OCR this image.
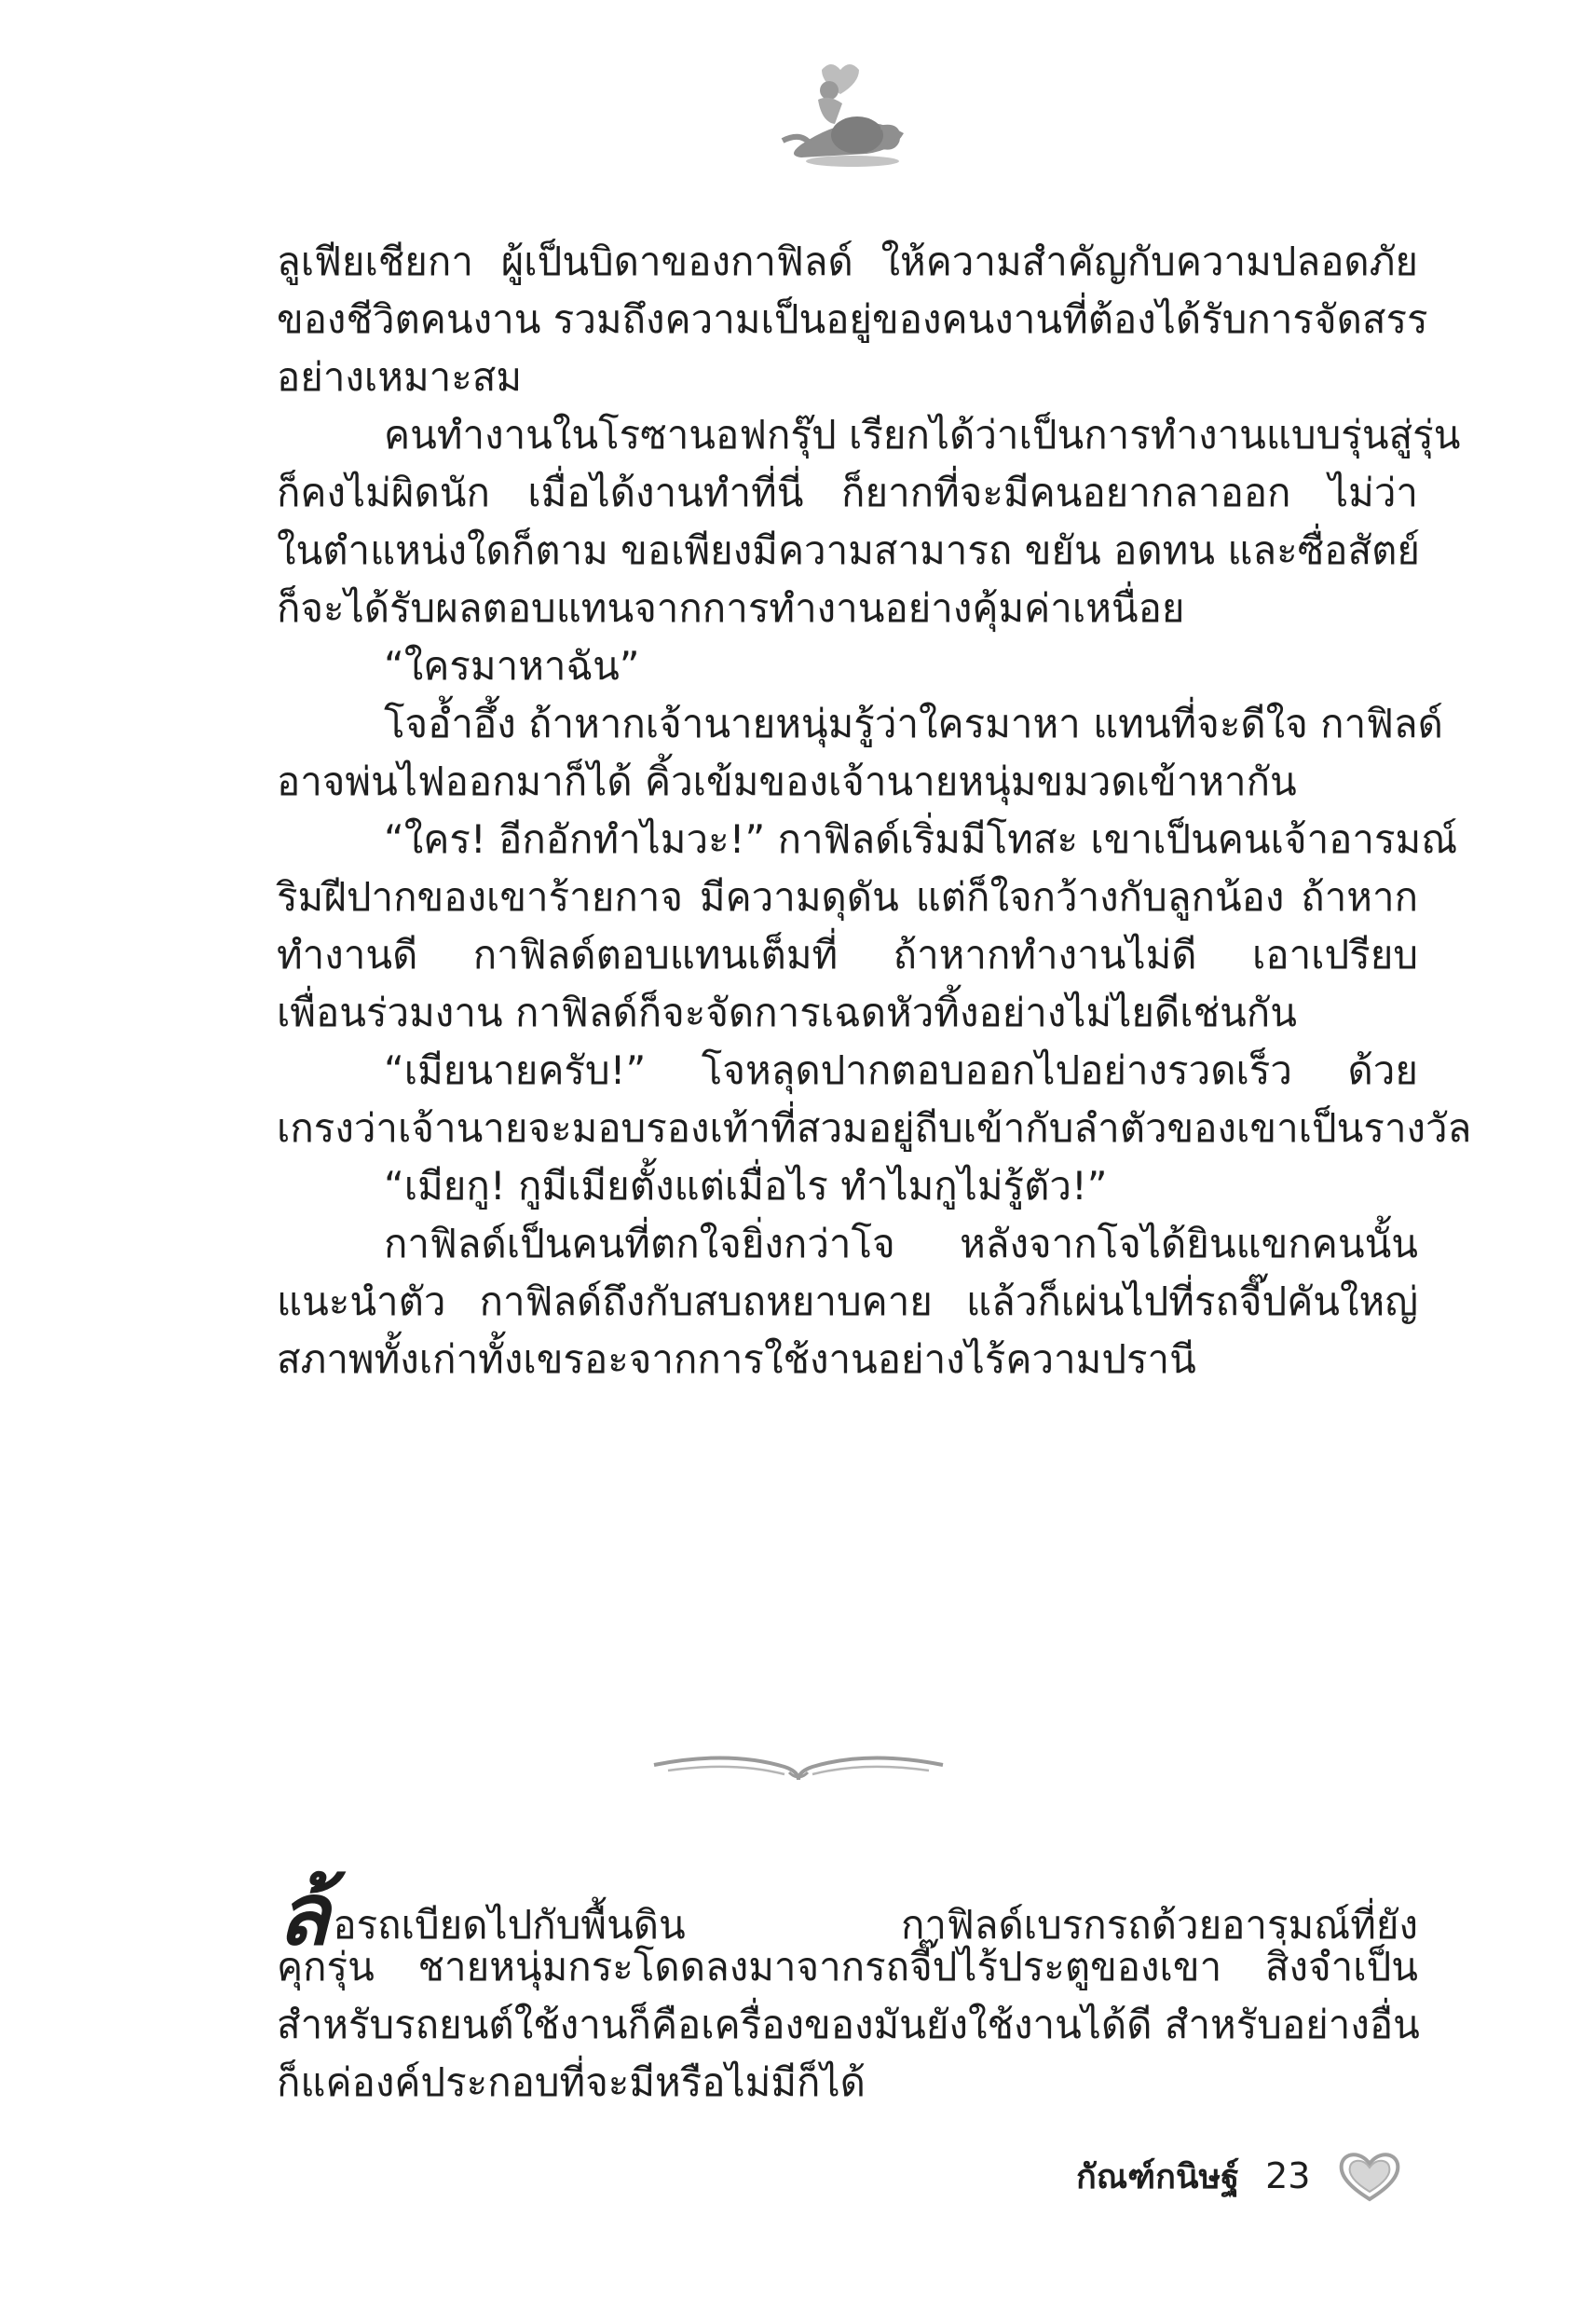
ลูเฟียเชียกา ผู้เป็นบิดาของกาฟิลด์ ให้ความสำคัญกับความปลอดภัย
ของชีวิตคนงาน รวมถึงความเป็นอยู่ของคนงานที่ต้องได้รับการจัดสรร
อย่างเหมาะสม
คนทำงานในโรซานอฟกรุ๊ป เรียกได้ว่าเป็นการทำงานแบบรุ่นสู่รุ่น
ก็คงไม่ผิดนัก เมื่อได้งานทำที่นี่ ก็ยากที่จะมีคนอยากลาออก ไม่ว่า
ในตำแหน่งใดก็ตาม ขอเพียงมีความสามารถ ขยัน อดทน และซื่อสัตย์
ก็จะได้รับผลตอบแทนจากการทำงานอย่างคุ้มค่าเหนื่อย
“ใครมาหาฉัน”
โจอ้ำอึ้ง ถ้าหากเจ้านายหนุ่มรู้ว่าใครมาหา แทนที่จะดีใจ กาฟิลด์
อาจพ่นไฟออกมาก็ได้ คิ้วเข้มของเจ้านายหนุ่มขมวดเข้าหากัน
“ใคร! อีกอักทำไมวะ!” กาฟิลด์เริ่มมีโทสะ เขาเป็นคนเจ้าอารมณ์
ริมฝีปากของเขาร้ายกาจ มีความดุดัน แต่ก็ใจกว้างกับลูกน้อง ถ้าหาก
ทำงานดี กาฟิลด์ตอบแทนเต็มที่ ถ้าหากทำงานไม่ดี เอาเปรียบ
เพื่อนร่วมงาน กาฟิลด์ก็จะจัดการเฉดหัวทิ้งอย่างไม่ไยดีเช่นกัน
“เมียนายครับ!” โจหลุดปากตอบออกไปอย่างรวดเร็ว ด้วย
เกรงว่าเจ้านายจะมอบรองเท้าที่สวมอยู่ถีบเข้ากับลำตัวของเขาเป็นรางวัล
“เมียกู! กูมีเมียตั้งแต่เมื่อไร ทำไมกูไม่รู้ตัว!”
กาฟิลด์เป็นคนที่ตกใจยิ่งกว่าโจ หลังจากโจได้ยินแขกคนนั้น
แนะนำตัว กาฟิลด์ถึงกับสบถหยาบคาย แล้วก็เผ่นไปที่รถจี๊ปคันใหญ่
สภาพทั้งเก่าทั้งเขรอะจากการใช้งานอย่างไร้ความปรานี
ล้อรถเบียดไปกับพื้นดิน กาฟิลด์เบรกรถด้วยอารมณ์ที่ยัง
คุกรุ่น ชายหนุ่มกระโดดลงมาจากรถจี๊ปไร้ประตูของเขา สิ่งจำเป็น
สำหรับรถยนต์ใช้งานก็คือเครื่องของมันยังใช้งานได้ดี สำหรับอย่างอื่น
ก็แค่องค์ประกอบที่จะมีหรือไม่มีก็ได้
กัณฑ์กนิษฐ์ 23
